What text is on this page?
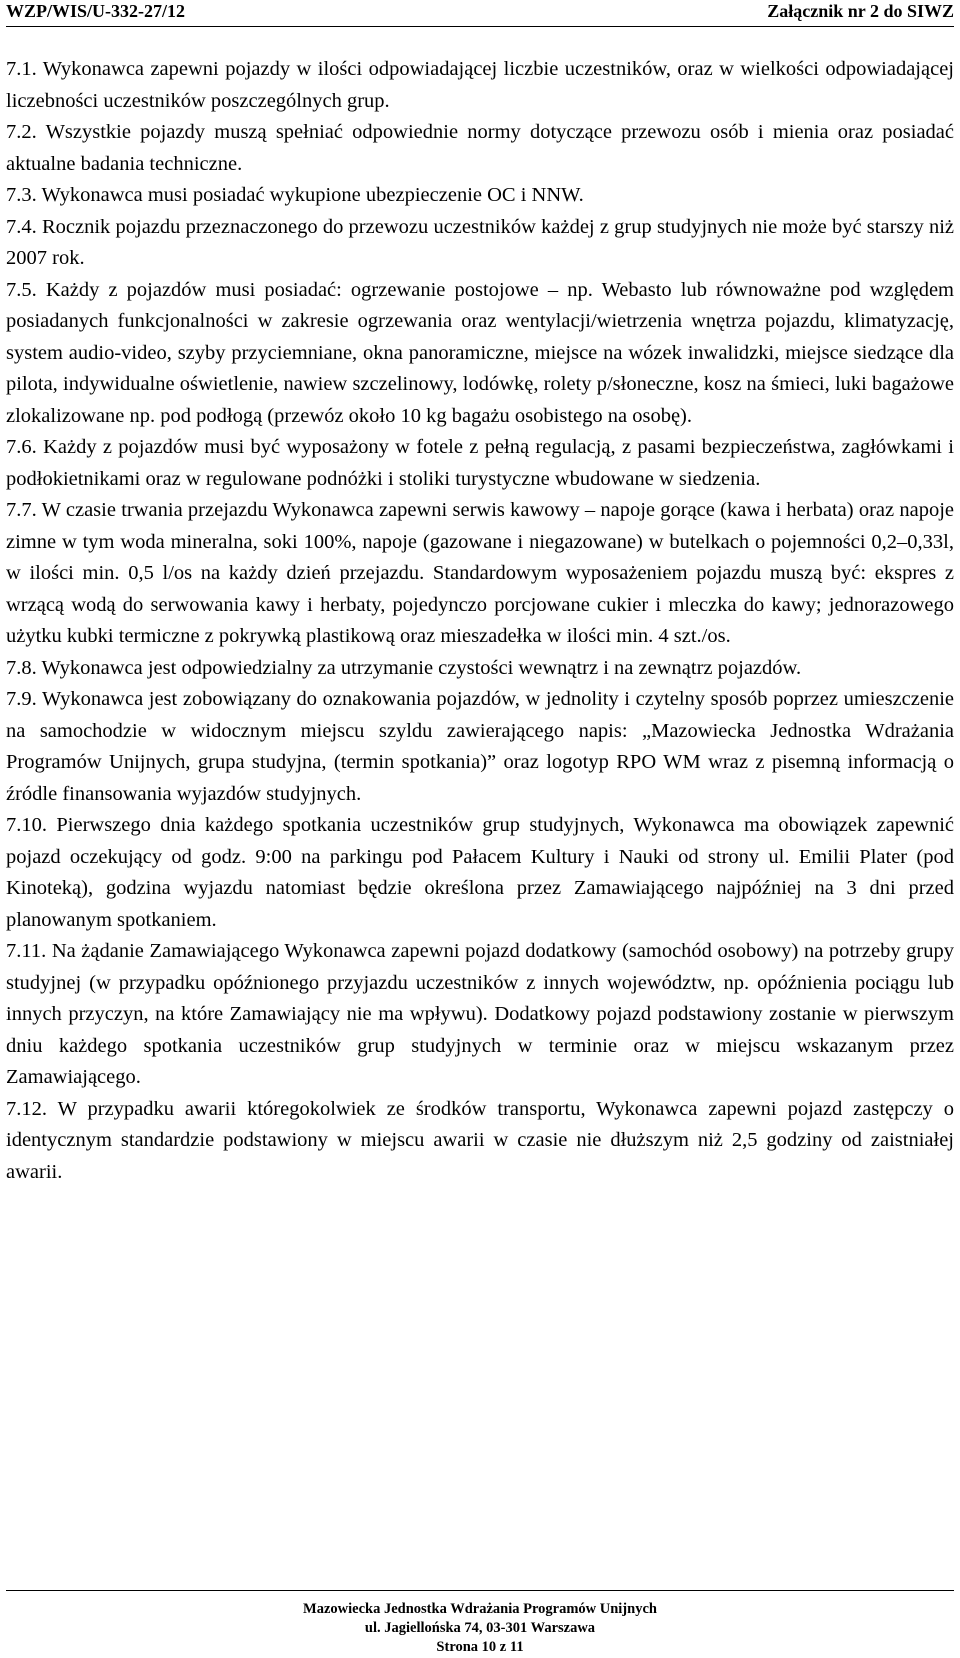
WZP/WIS/U-332-27/12	Załącznik nr 2 do SIWZ

7.1. Wykonawca zapewni pojazdy w ilości odpowiadającej liczbie uczestników, oraz w wielkości odpowiadającej liczebności uczestników poszczególnych grup.

7.2. Wszystkie pojazdy muszą spełniać odpowiednie normy dotyczące przewozu osób i mienia oraz posiadać aktualne badania techniczne.

7.3. Wykonawca musi posiadać wykupione ubezpieczenie OC i NNW.

7.4. Rocznik pojazdu przeznaczonego do przewozu uczestników każdej z grup studyjnych nie może być starszy niż 2007 rok.

7.5. Każdy z pojazdów musi posiadać: ogrzewanie postojowe – np. Webasto lub równoważne pod względem posiadanych funkcjonalności w zakresie ogrzewania oraz wentylacji/wietrzenia wnętrza pojazdu, klimatyzację, system audio-video, szyby przyciemniane, okna panoramiczne, miejsce na wózek inwalidzki, miejsce siedzące dla pilota, indywidualne oświetlenie, nawiew szczelinowy, lodówkę, rolety p/słoneczne, kosz na śmieci, luki bagażowe zlokalizowane np. pod podłogą (przewóz około 10 kg bagażu osobistego na osobę).

7.6. Każdy z pojazdów musi być wyposażony w fotele z pełną regulacją, z pasami bezpieczeństwa, zagłówkami i podłokietnikami oraz w regulowane podnóżki i stoliki turystyczne wbudowane w siedzenia.

7.7. W czasie trwania przejazdu Wykonawca zapewni serwis kawowy – napoje gorące (kawa i herbata) oraz napoje zimne w tym woda mineralna, soki 100%, napoje (gazowane i niegazowane) w butelkach o pojemności 0,2–0,33l, w ilości min. 0,5 l/os na każdy dzień przejazdu. Standardowym wyposażeniem pojazdu muszą być: ekspres z wrzącą wodą do serwowania kawy i herbaty, pojedynczo porcjowane cukier i mleczka do kawy; jednorazowego użytku kubki termiczne z pokrywką plastikową oraz mieszadełka w ilości min. 4 szt./os.

7.8. Wykonawca jest odpowiedzialny za utrzymanie czystości wewnątrz i na zewnątrz pojazdów.

7.9. Wykonawca jest zobowiązany do oznakowania pojazdów, w jednolity i czytelny sposób poprzez umieszczenie na samochodzie w widocznym miejscu szyldu zawierającego napis: „Mazowiecka Jednostka Wdrażania Programów Unijnych, grupa studyjna, (termin spotkania)” oraz logotyp RPO WM wraz z pisemną informacją o źródle finansowania wyjazdów studyjnych.

7.10. Pierwszego dnia każdego spotkania uczestników grup studyjnych, Wykonawca ma obowiązek zapewnić pojazd oczekujący od godz. 9:00 na parkingu pod Pałacem Kultury i Nauki od strony ul. Emilii Plater (pod Kinoteką), godzina wyjazdu natomiast będzie określona przez Zamawiającego najpóźniej na 3 dni przed planowanym spotkaniem.

7.11. Na żądanie Zamawiającego Wykonawca zapewni pojazd dodatkowy (samochód osobowy) na potrzeby grupy studyjnej (w przypadku opóźnionego przyjazdu uczestników z innych województw, np. opóźnienia pociągu lub innych przyczyn, na które Zamawiający nie ma wpływu). Dodatkowy pojazd podstawiony zostanie w pierwszym dniu każdego spotkania uczestników grup studyjnych w terminie oraz w miejscu wskazanym przez Zamawiającego.

7.12. W przypadku awarii któregokolwiek ze środków transportu, Wykonawca zapewni pojazd zastępczy o identycznym standardzie podstawiony w miejscu awarii w czasie nie dłuższym niż 2,5 godziny od zaistniałej awarii.

Mazowiecka Jednostka Wdrażania Programów Unijnych
ul. Jagiellońska 74, 03-301 Warszawa
Strona 10 z 11
